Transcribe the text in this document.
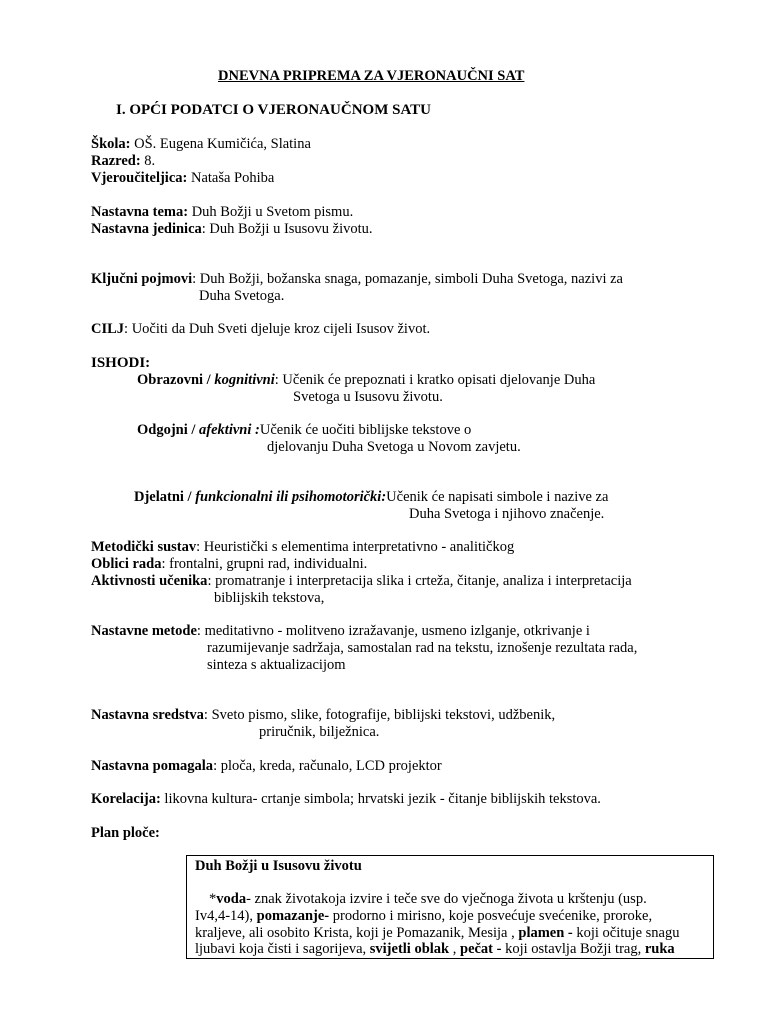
DNEVNA PRIPREMA ZA VJERONAUČNI SAT
I. OPĆI PODATCI O VJERONAUČNOM SATU
Škola: OŠ. Eugena Kumičića, Slatina
Razred: 8.
Vjeroučiteljica: Nataša Pohiba
Nastavna tema: Duh Božji u Svetom pismu.
Nastavna jedinica: Duh Božji u Isusovu životu.
Ključni pojmovi: Duh Božji, božanska snaga, pomazanje, simboli Duha Svetoga, nazivi za
Duha Svetoga.
CILJ: Uočiti da Duh Sveti djeluje kroz cijeli Isusov život.
ISHODI:
Obrazovni / kognitivni: Učenik će prepoznati i kratko opisati djelovanje Duha
Svetoga u Isusovu životu.
Odgojni / afektivni :Učenik će uočiti biblijske tekstove o
djelovanju Duha Svetoga u Novom zavjetu.
Djelatni / funkcionalni ili psihomotorički:Učenik će napisati simbole i nazive za
Duha Svetoga i njihovo značenje.
Metodički sustav: Heuristički s elementima interpretativno - analitičkog
Oblici rada: frontalni, grupni rad, individualni.
Aktivnosti učenika: promatranje i interpretacija slika i crteža, čitanje, analiza i interpretacija
biblijskih tekstova,
Nastavne metode: meditativno - molitveno izražavanje, usmeno izlganje, otkrivanje i
razumijevanje sadržaja, samostalan rad na tekstu, iznošenje rezultata rada,
sinteza s aktualizacijom
Nastavna sredstva: Sveto pismo, slike, fotografije, biblijski tekstovi, udžbenik,
priručnik, bilježnica.
Nastavna pomagala: ploča, kreda, računalo, LCD projektor
Korelacija: likovna kultura- crtanje simbola; hrvatski jezik - čitanje biblijskih tekstova.
Plan ploče:
Duh Božji u Isusovu životu
*voda- znak životakoja izvire i teče sve do vječnoga života u krštenju (usp.
Iv4,4-14), pomazanje- prodorno i mirisno, koje posvećuje svećenike, proroke,
kraljeve, ali osobito Krista, koji je Pomazanik, Mesija , plamen - koji očituje snagu
ljubavi koja čisti i sagorijeva, svijetli oblak , pečat - koji ostavlja Božji trag, ruka
